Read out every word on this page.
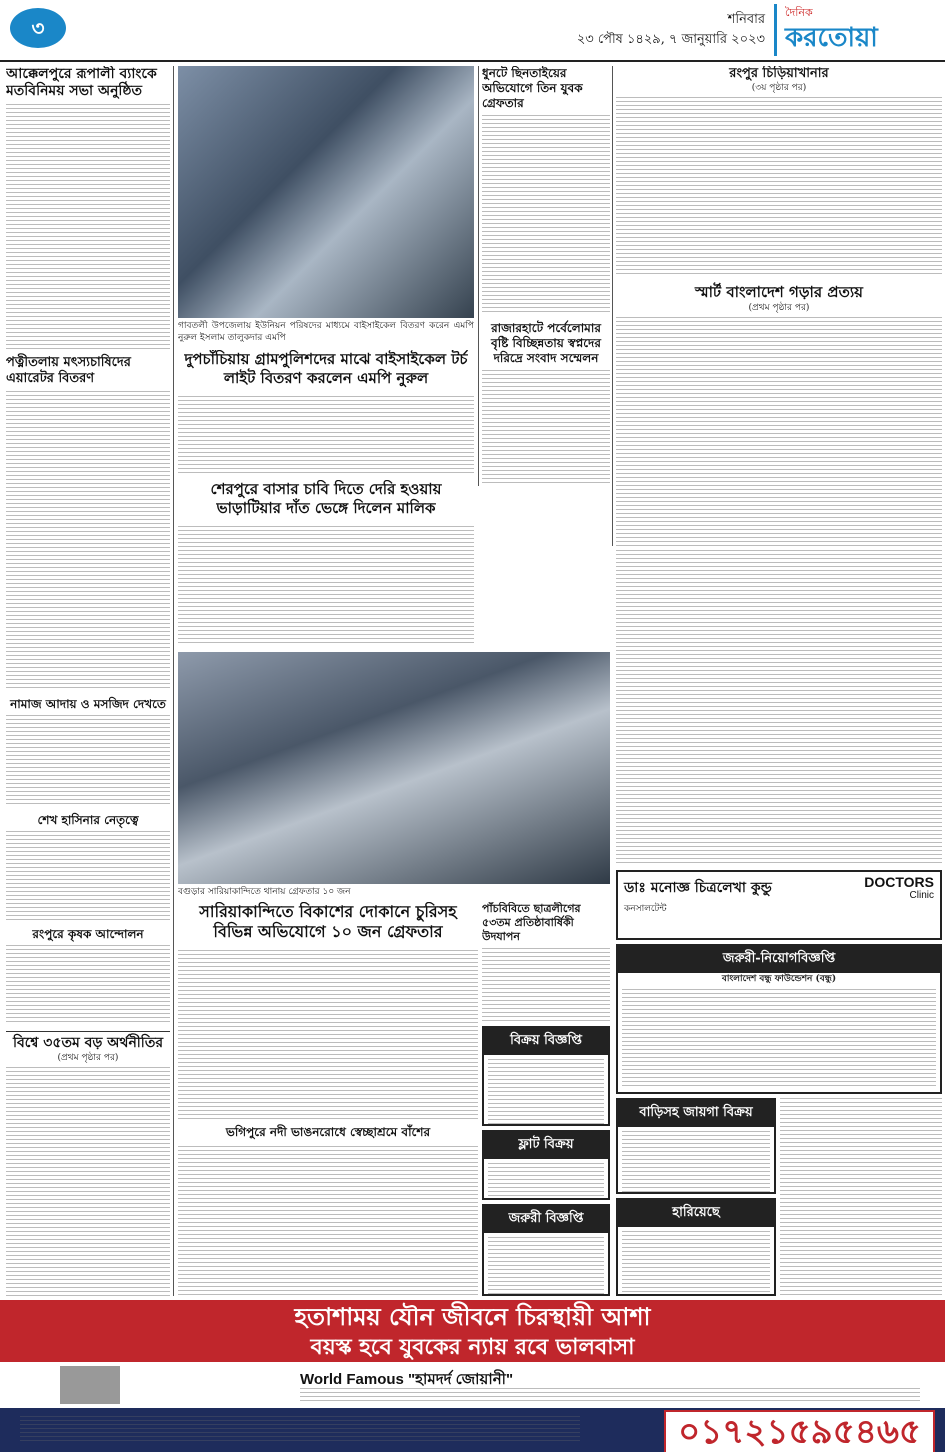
৩	শনিবার
২৩ পৌষ ১৪২৯, ৭ জানুয়ারি ২০২৩
দৈনিক
করতোয়া
আক্কেলপুরে রূপালী ব্যাংকে মতবিনিময় সভা অনুষ্ঠিত
পত্নীতলায় মৎস্যচাষিদের এয়ারেটর বিতরণ
নামাজ আদায় ও মসজিদ দেখতে
শেখ হাসিনার নেতৃত্বে
রংপুরে কৃষক আন্দোলন
বিশ্বে ৩৫তম বড় অর্থনীতির
(প্রথম পৃষ্ঠার পর)
গাবতলী উপজেলায় ইউনিয়ন পরিষদের মাধ্যমে বাইসাইকেল বিতরণ করেন এমপি নুরুল ইসলাম তালুকদার এমপি
দুপচাঁচিয়ায় গ্রামপুলিশদের মাঝে বাইসাইকেল টর্চ লাইট বিতরণ করলেন এমপি নুরুল
শেরপুরে বাসার চাবি দিতে দেরি হওয়ায় ভাড়াটিয়ার দাঁত ভেঙ্গে দিলেন মালিক
ধুনটে ছিনতাইয়ের অভিযোগে তিন যুবক গ্রেফতার
রাজারহাটে পর্বেলোমার বৃষ্টি বিচ্ছিন্নতায় স্বপ্নদের দরিদ্রে সংবাদ সম্মেলন
বগুড়ার সারিয়াকান্দিতে থানায় গ্রেফতার ১০ জন
সারিয়াকান্দিতে বিকাশের দোকানে চুরিসহ বিভিন্ন অভিযোগে ১০ জন গ্রেফতার
ভগিপুরে নদী ভাঙনরোধে স্বেচ্ছাশ্রমে বাঁশের
পাঁচবিবিতে ছাত্রলীগের ৫৩তম প্রতিষ্ঠাবার্ষিকী উদযাপন
রংপুর চিড়িয়াখানার
(৩য় পৃষ্ঠার পর)
স্মার্ট বাংলাদেশ গড়ার প্রত্যয়
(প্রথম পৃষ্ঠার পর)
বিক্রয় বিজ্ঞপ্তি
ফ্লাট বিক্রয়
ডাঃ মনোজ্ঞ চিত্রলেখা কুন্ডু	DOCTORS
Clinic
কনসালটেন্ট
জরুরী-নিয়োগবিজ্ঞপ্তি
বাংলাদেশ বন্ধু ফাউন্ডেশন (বন্ধু)
জরুরী বিজ্ঞপ্তি
বাড়িসহ জায়গা বিক্রয়
হারিয়েছে
হতাশাময় যৌন জীবনে চিরস্থায়ী আশা
বয়স্ক হবে যুবকের ন্যায় রবে ভালবাসা
World Famous "হামদর্দ জোয়ানী"
০১৭২১৫৯৫৪৬৫
